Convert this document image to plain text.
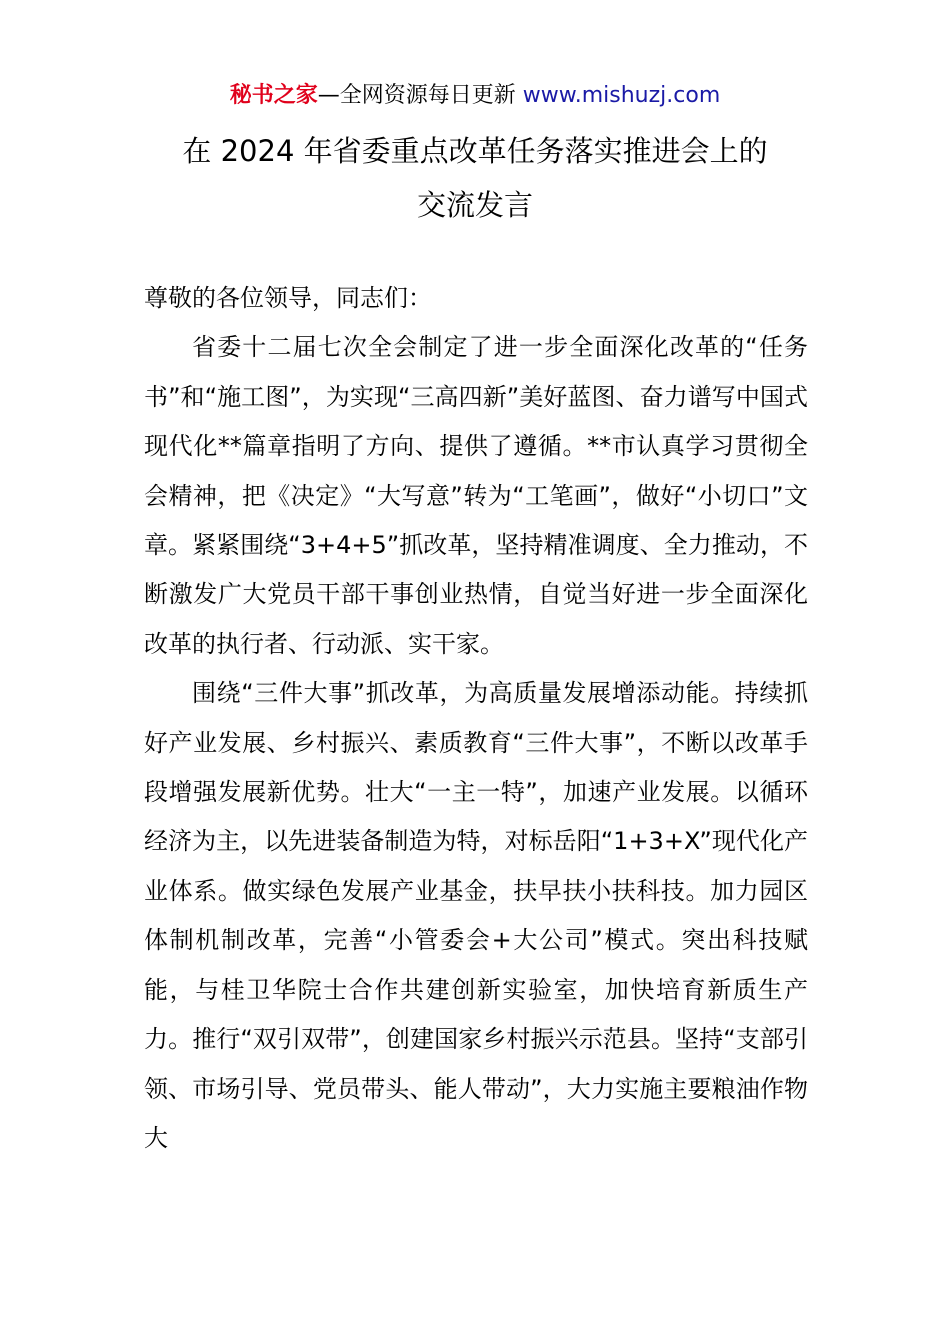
秘书之家—全网资源每日更新 www.mishuzj.com
在 2024 年省委重点改革任务落实推进会上的
交流发言

尊敬的各位领导，同志们：

省委十二届七次全会制定了进一步全面深化改革的“任务书”和“施工图”，为实现“三高四新”美好蓝图、奋力谱写中国式现代化**篇章指明了方向、提供了遵循。**市认真学习贯彻全会精神，把《决定》“大写意”转为“工笔画”，做好“小切口”文章。紧紧围绕“3+4+5”抓改革，坚持精准调度、全力推动，不断激发广大党员干部干事创业热情，自觉当好进一步全面深化改革的执行者、行动派、实干家。

围绕“三件大事”抓改革，为高质量发展增添动能。持续抓好产业发展、乡村振兴、素质教育“三件大事”，不断以改革手段增强发展新优势。壮大“一主一特”，加速产业发展。以循环经济为主，以先进装备制造为特，对标岳阳“1+3+X”现代化产业体系。做实绿色发展产业基金，扶早扶小扶科技。加力园区体制机制改革，完善“小管委会+大公司”模式。突出科技赋能，与桂卫华院士合作共建创新实验室，加快培育新质生产力。推行“双引双带”，创建国家乡村振兴示范县。坚持“支部引领、市场引导、党员带头、能人带动”，大力实施主要粮油作物大
